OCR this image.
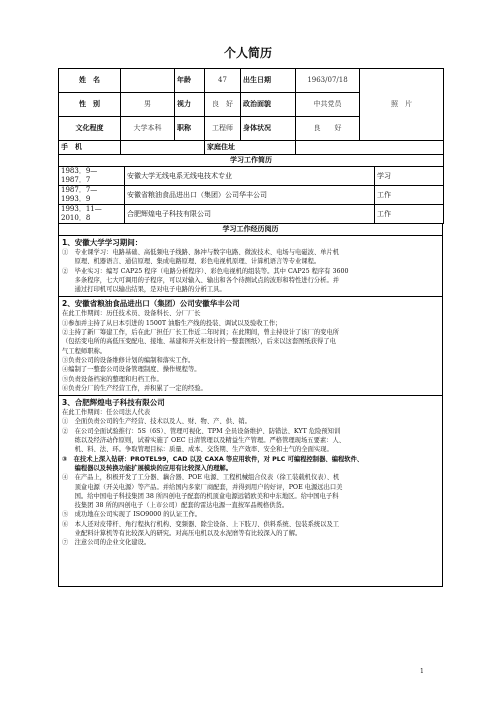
个人简历
姓　名		年龄	47	出生日期	1963/07/18	照　片
性　别	男	视力	良　好	政治面貌	中共党员	
文化程度	大学本科	职称	工程师	身体状况	良　　好	
手　机			家庭住址			
学习工作简历		
1983．9—1987．7	安徽大学无线电系无线电技术专业	学习
1987．7—1993．9	安徽省粮油食品进出口（集团）公司华丰公司	工作
1993．11—2010．8	合肥辉煌电子科技有限公司	工作
学习工作经历阅历

1、安徽大学学习期间：

①　专业课学习：电路基础、高低频电子线路、脉冲与数字电路、微波技术、电场与电磁波、单片机

　　原理、机器语言、通信原理、集成电路原理、彩色电视机原理、计算机语言等专业课程。

②　毕业实习：编写 CAP25 程序（电路分析程序）、彩色电视机的组装等。其中 CAP25 程序有 3600

　　多条程序，七大可调用的子程序，可以对输入、输出和各个待测试点的波形和特性进行分析。并

　　通过打印机可以输出结果，是对电子电路的分析工具。

2、安徽省粮油食品进出口（集团）公司安徽华丰公司

在此工作期间：历任技术员、设备科长、分厂厂长

①参加并主持了从日本引进的 1500T 油脂生产线的投装、调试以及验收工作；

②主持了新厂筹建工作，后在此厂担任厂长工作近二年时间；在此期间，曾主持设计了该厂的变电所

（包括变电所的高低压变配电、接地、基建和开关柜设计的一整套图纸），后来以这套图纸获得了电

气工程师职称。

③负责公司的设备维修计划的编制和落实工作。

④编制了一整套公司设备管理制度、操作规程等。

⑤负责设备档案的整理和归档工作。

⑥负责分厂的生产经营工作，并积累了一定的经验。

3、合肥辉煌电子科技有限公司

在此工作期间：任公司法人代表

①　全面负责公司的生产经营、技术以及人、财、物、产、供、销。

②　在公司全面试验推行：5S（6S）、管理可视化、TPM 全员设备维护、防错法、KYT 危险预知训

　　练以及经济动作原则，试着实施了 OEC 日清管理以及精益生产管理。严格管理现场五要素：人、

　　机、料、法、环。争取管理目标：质量、成本、交货期、生产效率、安全和士气的全面实现。

③　在技术上深入钻研：PROTEL99，CAD 以及 CAXA 等应用软件，对 PLC 可编程控制器、编程软件、

　　编程器以及转换功能扩展模块的应用有比较深入的理解。

④　在产品上，积极开发了工分器、藕合器、POE 电源、工程机械组合仪表（徐工装载机仪表）、机

　　顶盒电源（开关电源）等产品。并给国内多家厂商配套，并得到用户的好评，POE 电源远出口美

　　国。给中国电子科技集团 38 所四创电子配套的机顶盒电源远销欧美和中东地区。给中国电子科

　　技集团 38 所的四创电子（上市公司）配套的雷达电源一直按军品规格供货。

⑤　成功地在公司实现了 ISO9000 的认证工作。

⑥　本人还对皮带杆、角行程执行机构、变频器、除尘设备、上下肢刀、供料系统、包装系统以及工

　　业配料计算机等有比较深入的研究。对高压电机以及水泥磨等有比较深入的了解。

⑦　注意公司的企业文化建设。

1
